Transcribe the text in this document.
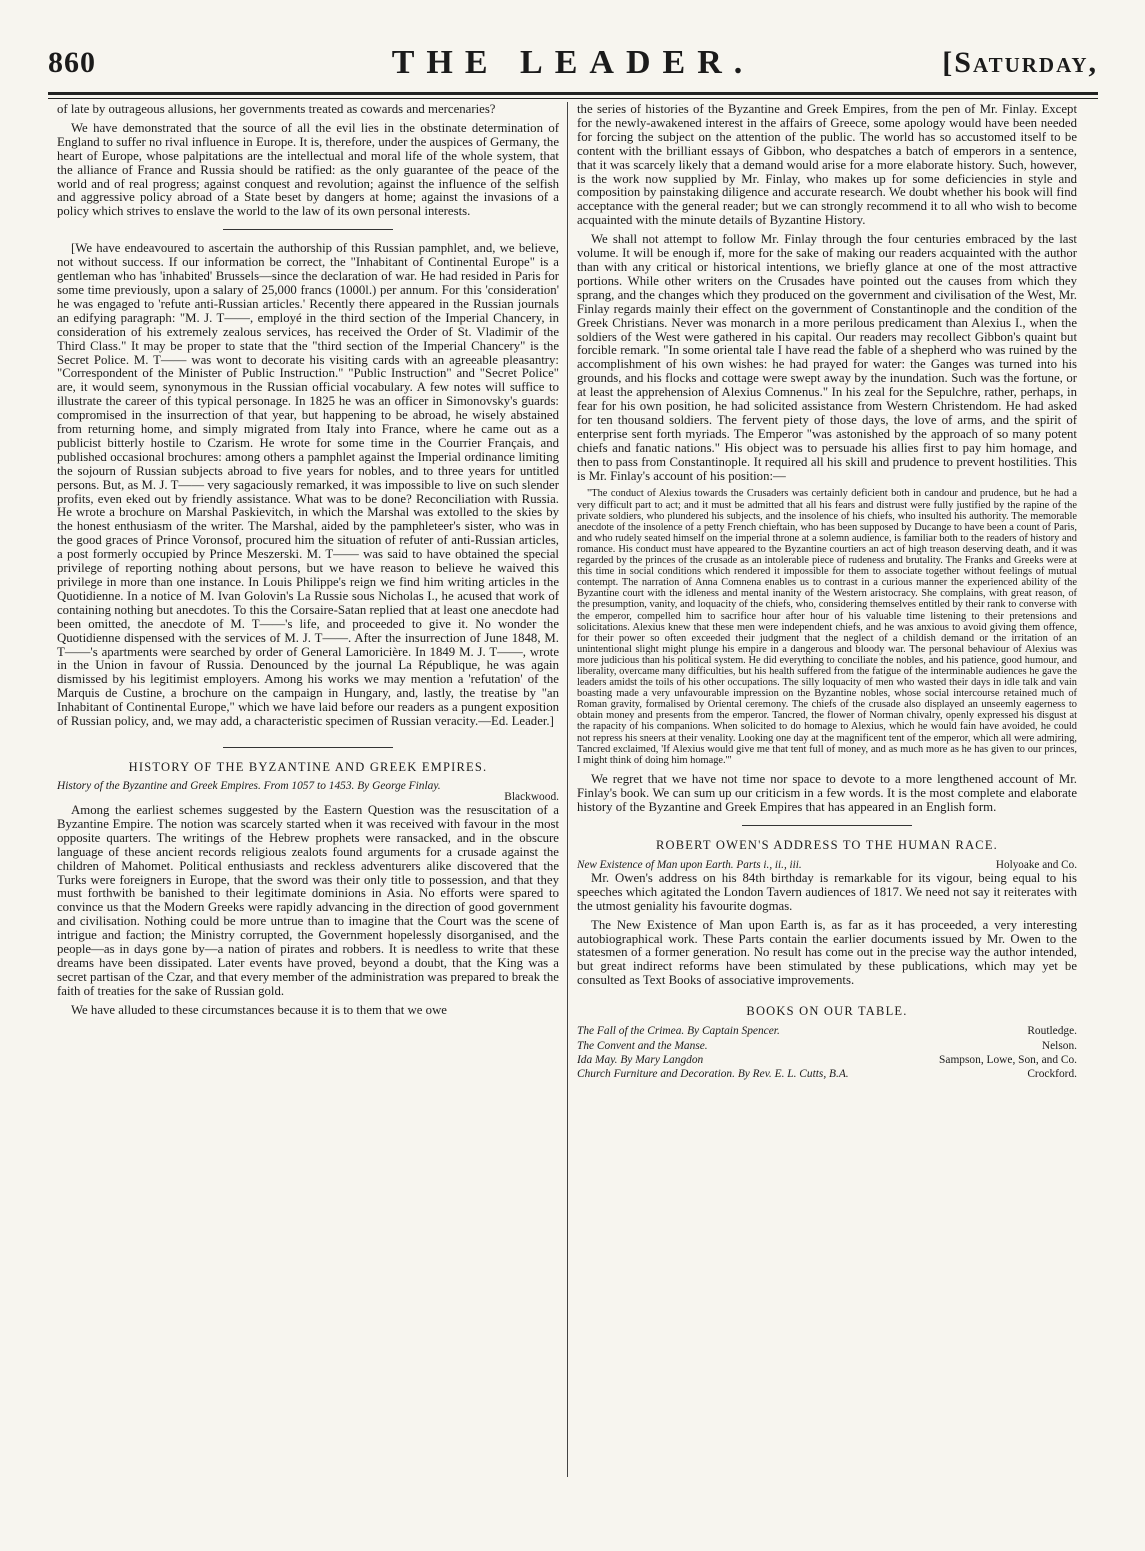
860	THE LEADER.	[Saturday,

of late by outrageous allusions, her governments treated as cowards and mercenaries?

We have demonstrated that the source of all the evil lies in the obstinate determination of England to suffer no rival influence in Europe. It is, therefore, under the auspices of Germany, the heart of Europe, whose palpitations are the intellectual and moral life of the whole system, that the alliance of France and Russia should be ratified: as the only guarantee of the peace of the world and of real progress; against conquest and revolution; against the influence of the selfish and aggressive policy abroad of a State beset by dangers at home; against the invasions of a policy which strives to enslave the world to the law of its own personal interests.

[We have endeavoured to ascertain the authorship of this Russian pamphlet, and, we believe, not without success. If our information be correct, the "Inhabitant of Continental Europe" is a gentleman who has 'inhabited' Brussels—since the declaration of war. He had resided in Paris for some time previously, upon a salary of 25,000 francs (1000l.) per annum. For this 'consideration' he was engaged to 'refute anti-Russian articles.' Recently there appeared in the Russian journals an edifying paragraph: "M. J. T——, employé in the third section of the Imperial Chancery, in consideration of his extremely zealous services, has received the Order of St. Vladimir of the Third Class." It may be proper to state that the "third section of the Imperial Chancery" is the Secret Police. M. T—— was wont to decorate his visiting cards with an agreeable pleasantry: "Correspondent of the Minister of Public Instruction." "Public Instruction" and "Secret Police" are, it would seem, synonymous in the Russian official vocabulary. A few notes will suffice to illustrate the career of this typical personage. In 1825 he was an officer in Simonovsky's guards: compromised in the insurrection of that year, but happening to be abroad, he wisely abstained from returning home, and simply migrated from Italy into France, where he came out as a publicist bitterly hostile to Czarism. He wrote for some time in the Courrier Français, and published occasional brochures: among others a pamphlet against the Imperial ordinance limiting the sojourn of Russian subjects abroad to five years for nobles, and to three years for untitled persons. But, as M. J. T—— very sagaciously remarked, it was impossible to live on such slender profits, even eked out by friendly assistance. What was to be done? Reconciliation with Russia. He wrote a brochure on Marshal Paskievitch, in which the Marshal was extolled to the skies by the honest enthusiasm of the writer. The Marshal, aided by the pamphleteer's sister, who was in the good graces of Prince Voronsof, procured him the situation of refuter of anti-Russian articles, a post formerly occupied by Prince Meszerski. M. T—— was said to have obtained the special privilege of reporting nothing about persons, but we have reason to believe he waived this privilege in more than one instance. In Louis Philippe's reign we find him writing articles in the Quotidienne. In a notice of M. Ivan Golovin's La Russie sous Nicholas I., he acused that work of containing nothing but anecdotes. To this the Corsaire-Satan replied that at least one anecdote had been omitted, the anecdote of M. T——'s life, and proceeded to give it. No wonder the Quotidienne dispensed with the services of M. J. T——. After the insurrection of June 1848, M. T——'s apartments were searched by order of General Lamoricière. In 1849 M. J. T——, wrote in the Union in favour of Russia. Denounced by the journal La République, he was again dismissed by his legitimist employers. Among his works we may mention a 'refutation' of the Marquis de Custine, a brochure on the campaign in Hungary, and, lastly, the treatise by "an Inhabitant of Continental Europe," which we have laid before our readers as a pungent exposition of Russian policy, and, we may add, a characteristic specimen of Russian veracity.—Ed. Leader.]

HISTORY OF THE BYZANTINE AND GREEK EMPIRES.
History of the Byzantine and Greek Empires. From 1057 to 1453. By George Finlay.
Blackwood.

Among the earliest schemes suggested by the Eastern Question was the resuscitation of a Byzantine Empire. The notion was scarcely started when it was received with favour in the most opposite quarters. The writings of the Hebrew prophets were ransacked, and in the obscure language of these ancient records religious zealots found arguments for a crusade against the children of Mahomet. Political enthusiasts and reckless adventurers alike discovered that the Turks were foreigners in Europe, that the sword was their only title to possession, and that they must forthwith be banished to their legitimate dominions in Asia. No efforts were spared to convince us that the Modern Greeks were rapidly advancing in the direction of good government and civilisation. Nothing could be more untrue than to imagine that the Court was the scene of intrigue and faction; the Ministry corrupted, the Government hopelessly disorganised, and the people—as in days gone by—a nation of pirates and robbers. It is needless to write that these dreams have been dissipated. Later events have proved, beyond a doubt, that the King was a secret partisan of the Czar, and that every member of the administration was prepared to break the faith of treaties for the sake of Russian gold.

We have alluded to these circumstances because it is to them that we owe

the series of histories of the Byzantine and Greek Empires, from the pen of Mr. Finlay. Except for the newly-awakened interest in the affairs of Greece, some apology would have been needed for forcing the subject on the attention of the public. The world has so accustomed itself to be content with the brilliant essays of Gibbon, who despatches a batch of emperors in a sentence, that it was scarcely likely that a demand would arise for a more elaborate history. Such, however, is the work now supplied by Mr. Finlay, who makes up for some deficiencies in style and composition by painstaking diligence and accurate research. We doubt whether his book will find acceptance with the general reader; but we can strongly recommend it to all who wish to become acquainted with the minute details of Byzantine History.

We shall not attempt to follow Mr. Finlay through the four centuries embraced by the last volume. It will be enough if, more for the sake of making our readers acquainted with the author than with any critical or historical intentions, we briefly glance at one of the most attractive portions. While other writers on the Crusades have pointed out the causes from which they sprang, and the changes which they produced on the government and civilisation of the West, Mr. Finlay regards mainly their effect on the government of Constantinople and the condition of the Greek Christians. Never was monarch in a more perilous predicament than Alexius I., when the soldiers of the West were gathered in his capital. Our readers may recollect Gibbon's quaint but forcible remark. "In some oriental tale I have read the fable of a shepherd who was ruined by the accomplishment of his own wishes: he had prayed for water: the Ganges was turned into his grounds, and his flocks and cottage were swept away by the inundation. Such was the fortune, or at least the apprehension of Alexius Comnenus." In his zeal for the Sepulchre, rather, perhaps, in fear for his own position, he had solicited assistance from Western Christendom. He had asked for ten thousand soldiers. The fervent piety of those days, the love of arms, and the spirit of enterprise sent forth myriads. The Emperor "was astonished by the approach of so many potent chiefs and fanatic nations." His object was to persuade his allies first to pay him homage, and then to pass from Constantinople. It required all his skill and prudence to prevent hostilities. This is Mr. Finlay's account of his position:—

"The conduct of Alexius towards the Crusaders was certainly deficient both in candour and prudence, but he had a very difficult part to act; and it must be admitted that all his fears and distrust were fully justified by the rapine of the private soldiers, who plundered his subjects, and the insolence of his chiefs, who insulted his authority. The memorable anecdote of the insolence of a petty French chieftain, who has been supposed by Ducange to have been a count of Paris, and who rudely seated himself on the imperial throne at a solemn audience, is familiar both to the readers of history and romance. His conduct must have appeared to the Byzantine courtiers an act of high treason deserving death, and it was regarded by the princes of the crusade as an intolerable piece of rudeness and brutality. The Franks and Greeks were at this time in social conditions which rendered it impossible for them to associate together without feelings of mutual contempt. The narration of Anna Comnena enables us to contrast in a curious manner the experienced ability of the Byzantine court with the idleness and mental inanity of the Western aristocracy. She complains, with great reason, of the presumption, vanity, and loquacity of the chiefs, who, considering themselves entitled by their rank to converse with the emperor, compelled him to sacrifice hour after hour of his valuable time listening to their pretensions and solicitations. Alexius knew that these men were independent chiefs, and he was anxious to avoid giving them offence, for their power so often exceeded their judgment that the neglect of a childish demand or the irritation of an unintentional slight might plunge his empire in a dangerous and bloody war. The personal behaviour of Alexius was more judicious than his political system. He did everything to conciliate the nobles, and his patience, good humour, and liberality, overcame many difficulties, but his health suffered from the fatigue of the interminable audiences he gave the leaders amidst the toils of his other occupations. The silly loquacity of men who wasted their days in idle talk and vain boasting made a very unfavourable impression on the Byzantine nobles, whose social intercourse retained much of Roman gravity, formalised by Oriental ceremony. The chiefs of the crusade also displayed an unseemly eagerness to obtain money and presents from the emperor. Tancred, the flower of Norman chivalry, openly expressed his disgust at the rapacity of his companions. When solicited to do homage to Alexius, which he would fain have avoided, he could not repress his sneers at their venality. Looking one day at the magnificent tent of the emperor, which all were admiring, Tancred exclaimed, 'If Alexius would give me that tent full of money, and as much more as he has given to our princes, I might think of doing him homage.'"

We regret that we have not time nor space to devote to a more lengthened account of Mr. Finlay's book. We can sum up our criticism in a few words. It is the most complete and elaborate history of the Byzantine and Greek Empires that has appeared in an English form.

ROBERT OWEN'S ADDRESS TO THE HUMAN RACE.
New Existence of Man upon Earth. Parts i., ii., iii.	Holyoake and Co.

Mr. Owen's address on his 84th birthday is remarkable for its vigour, being equal to his speeches which agitated the London Tavern audiences of 1817. We need not say it reiterates with the utmost geniality his favourite dogmas.

The New Existence of Man upon Earth is, as far as it has proceeded, a very interesting autobiographical work. These Parts contain the earlier documents issued by Mr. Owen to the statesmen of a former generation. No result has come out in the precise way the author intended, but great indirect reforms have been stimulated by these publications, which may yet be consulted as Text Books of associative improvements.

BOOKS ON OUR TABLE.
The Fall of the Crimea. By Captain Spencer.	Routledge.
The Convent and the Manse.	Nelson.
Ida May. By Mary Langdon	Sampson, Lowe, Son, and Co.
Church Furniture and Decoration. By Rev. E. L. Cutts, B.A.	Crockford.
